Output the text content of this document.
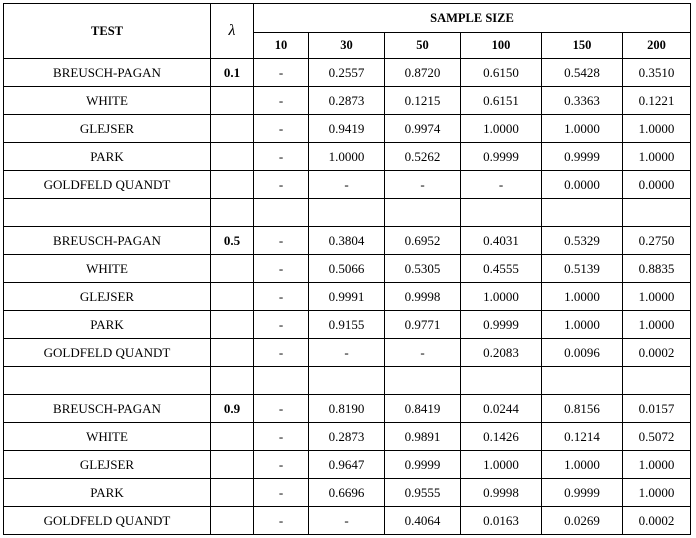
TEST	λ	SAMPLE SIZE					
		10	30	50	100	150	200
BREUSCH-PAGAN	0.1	-	0.2557	0.8720	0.6150	0.5428	0.3510
WHITE		-	0.2873	0.1215	0.6151	0.3363	0.1221
GLEJSER		-	0.9419	0.9974	1.0000	1.0000	1.0000
PARK		-	1.0000	0.5262	0.9999	0.9999	1.0000
GOLDFELD QUANDT		-	-	-	-	0.0000	0.0000

BREUSCH-PAGAN	0.5	-	0.3804	0.6952	0.4031	0.5329	0.2750
WHITE		-	0.5066	0.5305	0.4555	0.5139	0.8835
GLEJSER		-	0.9991	0.9998	1.0000	1.0000	1.0000
PARK		-	0.9155	0.9771	0.9999	1.0000	1.0000
GOLDFELD QUANDT		-	-	-	0.2083	0.0096	0.0002

BREUSCH-PAGAN	0.9	-	0.8190	0.8419	0.0244	0.8156	0.0157
WHITE		-	0.2873	0.9891	0.1426	0.1214	0.5072
GLEJSER		-	0.9647	0.9999	1.0000	1.0000	1.0000
PARK		-	0.6696	0.9555	0.9998	0.9999	1.0000
GOLDFELD QUANDT		-	-	0.4064	0.0163	0.0269	0.0002
